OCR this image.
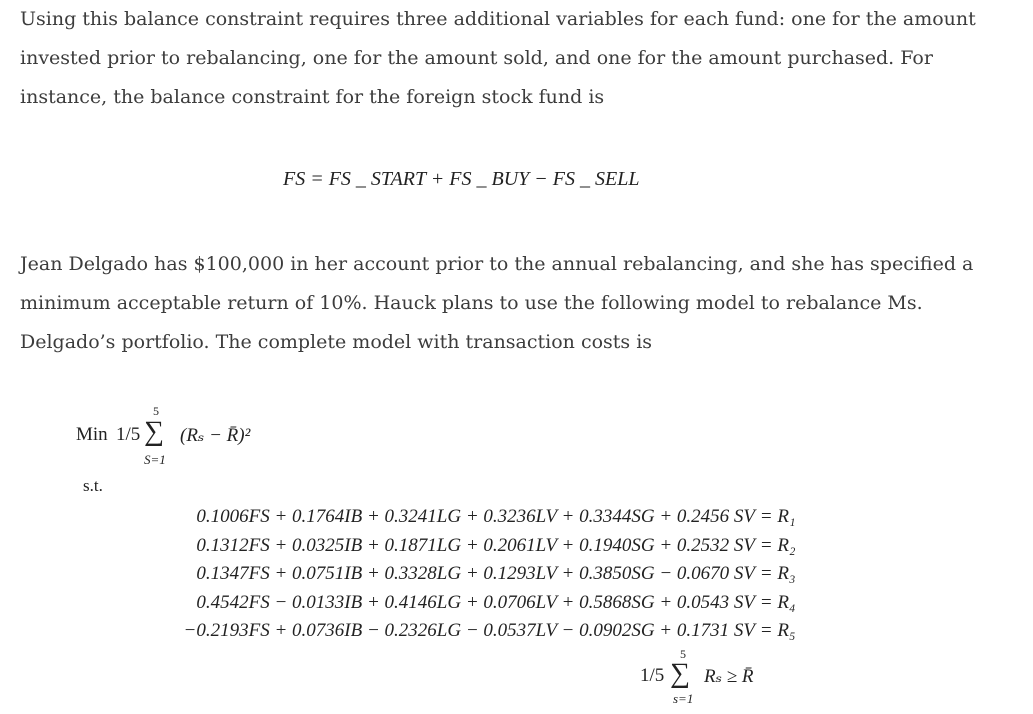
Using this balance constraint requires three additional variables for each fund: one for the amount invested prior to rebalancing, one for the amount sold, and one for the amount purchased. For instance, the balance constraint for the foreign stock fund is

FS = FS _ START + FS _ BUY − FS _ SELL

Jean Delgado has $100,000 in her account prior to the annual rebalancing, and she has specified a minimum acceptable return of 10%. Hauck plans to use the following model to rebalance Ms. Delgado’s portfolio. The complete model with transaction costs is

Min 1/5
5
∑
S=1
(Rₛ − R̄)²
s.t.
0.1006FS + 0.1764IB + 0.3241LG + 0.3236LV + 0.3344SG + 0.2456 SV = R₁
0.1312FS + 0.0325IB + 0.1871LG + 0.2061LV + 0.1940SG + 0.2532 SV = R₂
0.1347FS + 0.0751IB + 0.3328LG + 0.1293LV + 0.3850SG − 0.0670 SV = R₃
0.4542FS − 0.0133IB + 0.4146LG + 0.0706LV + 0.5868SG + 0.0543 SV = R₄
−0.2193FS + 0.0736IB − 0.2326LG − 0.0537LV − 0.0902SG + 0.1731 SV = R₅
1/5
5
∑
s=1
Rₛ ≥ R̄
